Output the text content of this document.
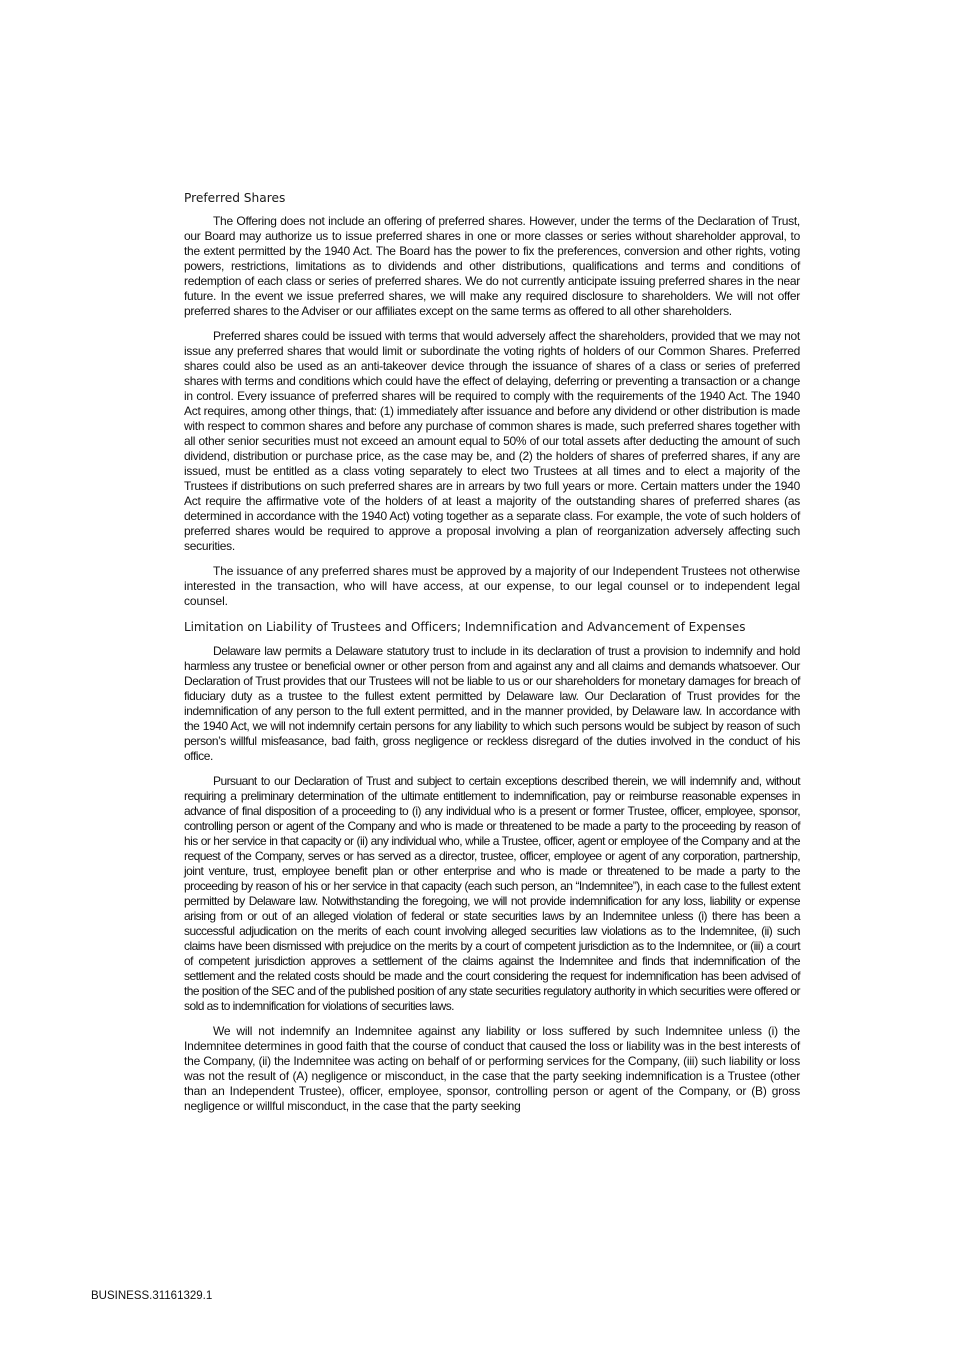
Preferred Shares

The Offering does not include an offering of preferred shares. However, under the terms of the Declaration of Trust, our Board may authorize us to issue preferred shares in one or more classes or series without shareholder approval, to the extent permitted by the 1940 Act. The Board has the power to fix the preferences, conversion and other rights, voting powers, restrictions, limitations as to dividends and other distributions, qualifications and terms and conditions of redemption of each class or series of preferred shares. We do not currently anticipate issuing preferred shares in the near future. In the event we issue preferred shares, we will make any required disclosure to shareholders. We will not offer preferred shares to the Adviser or our affiliates except on the same terms as offered to all other shareholders.

Preferred shares could be issued with terms that would adversely affect the shareholders, provided that we may not issue any preferred shares that would limit or subordinate the voting rights of holders of our Common Shares. Preferred shares could also be used as an anti-takeover device through the issuance of shares of a class or series of preferred shares with terms and conditions which could have the effect of delaying, deferring or preventing a transaction or a change in control. Every issuance of preferred shares will be required to comply with the requirements of the 1940 Act. The 1940 Act requires, among other things, that: (1) immediately after issuance and before any dividend or other distribution is made with respect to common shares and before any purchase of common shares is made, such preferred shares together with all other senior securities must not exceed an amount equal to 50% of our total assets after deducting the amount of such dividend, distribution or purchase price, as the case may be, and (2) the holders of shares of preferred shares, if any are issued, must be entitled as a class voting separately to elect two Trustees at all times and to elect a majority of the Trustees if distributions on such preferred shares are in arrears by two full years or more. Certain matters under the 1940 Act require the affirmative vote of the holders of at least a majority of the outstanding shares of preferred shares (as determined in accordance with the 1940 Act) voting together as a separate class. For example, the vote of such holders of preferred shares would be required to approve a proposal involving a plan of reorganization adversely affecting such securities.

The issuance of any preferred shares must be approved by a majority of our Independent Trustees not otherwise interested in the transaction, who will have access, at our expense, to our legal counsel or to independent legal counsel.

Limitation on Liability of Trustees and Officers; Indemnification and Advancement of Expenses

Delaware law permits a Delaware statutory trust to include in its declaration of trust a provision to indemnify and hold harmless any trustee or beneficial owner or other person from and against any and all claims and demands whatsoever. Our Declaration of Trust provides that our Trustees will not be liable to us or our shareholders for monetary damages for breach of fiduciary duty as a trustee to the fullest extent permitted by Delaware law. Our Declaration of Trust provides for the indemnification of any person to the full extent permitted, and in the manner provided, by Delaware law. In accordance with the 1940 Act, we will not indemnify certain persons for any liability to which such persons would be subject by reason of such person’s willful misfeasance, bad faith, gross negligence or reckless disregard of the duties involved in the conduct of his office.

Pursuant to our Declaration of Trust and subject to certain exceptions described therein, we will indemnify and, without requiring a preliminary determination of the ultimate entitlement to indemnification, pay or reimburse reasonable expenses in advance of final disposition of a proceeding to (i) any individual who is a present or former Trustee, officer, employee, sponsor, controlling person or agent of the Company and who is made or threatened to be made a party to the proceeding by reason of his or her service in that capacity or (ii) any individual who, while a Trustee, officer, agent or employee of the Company and at the request of the Company, serves or has served as a director, trustee, officer, employee or agent of any corporation, partnership, joint venture, trust, employee benefit plan or other enterprise and who is made or threatened to be made a party to the proceeding by reason of his or her service in that capacity (each such person, an “Indemnitee”), in each case to the fullest extent permitted by Delaware law. Notwithstanding the foregoing, we will not provide indemnification for any loss, liability or expense arising from or out of an alleged violation of federal or state securities laws by an Indemnitee unless (i) there has been a successful adjudication on the merits of each count involving alleged securities law violations as to the Indemnitee, (ii) such claims have been dismissed with prejudice on the merits by a court of competent jurisdiction as to the Indemnitee, or (iii) a court of competent jurisdiction approves a settlement of the claims against the Indemnitee and finds that indemnification of the settlement and the related costs should be made and the court considering the request for indemnification has been advised of the position of the SEC and of the published position of any state securities regulatory authority in which securities were offered or sold as to indemnification for violations of securities laws.

We will not indemnify an Indemnitee against any liability or loss suffered by such Indemnitee unless (i) the Indemnitee determines in good faith that the course of conduct that caused the loss or liability was in the best interests of the Company, (ii) the Indemnitee was acting on behalf of or performing services for the Company, (iii) such liability or loss was not the result of (A) negligence or misconduct, in the case that the party seeking indemnification is a Trustee (other than an Independent Trustee), officer, employee, sponsor, controlling person or agent of the Company, or (B) gross negligence or willful misconduct, in the case that the party seeking

BUSINESS.31161329.1
